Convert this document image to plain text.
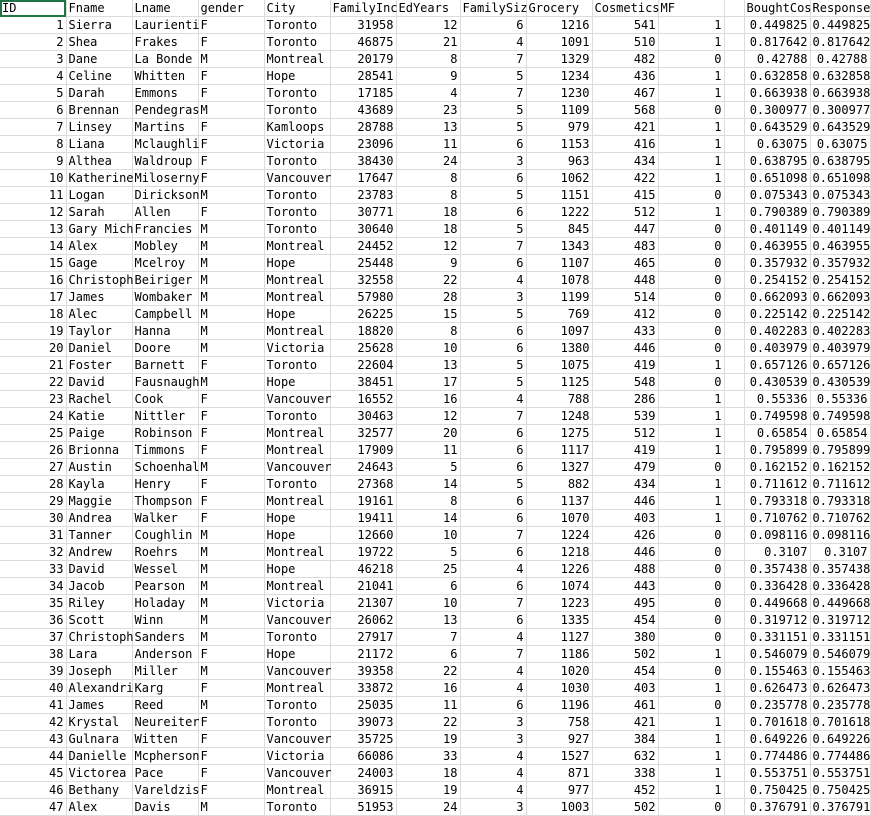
ID	Fname	Lname	gender	City	FamilyInc	EdYears	FamilySiz	Grocery	Cosmetics	MF		BoughtCos	Response
1	Sierra	Laurienti	F	Toronto	31958	12	6	1216	541	1		0.449825	0.449825
2	Shea	Frakes	F	Toronto	46875	21	4	1091	510	1		0.817642	0.817642
3	Dane	La Bonde	M	Montreal	20179	8	7	1329	482	0		0.42788	0.42788
4	Celine	Whitten	F	Hope	28541	9	5	1234	436	1		0.632858	0.632858
5	Darah	Emmons	F	Toronto	17185	4	7	1230	467	1		0.663938	0.663938
6	Brennan	Pendegras	M	Toronto	43689	23	5	1109	568	0		0.300977	0.300977
7	Linsey	Martins	F	Kamloops	28788	13	5	979	421	1		0.643529	0.643529
8	Liana	Mclaughli	F	Victoria	23096	11	6	1153	416	1		0.63075	0.63075
9	Althea	Waldroup	F	Toronto	38430	24	3	963	434	1		0.638795	0.638795
10	Katherine	Miloserny	F	Vancouver	17647	8	6	1062	422	1		0.651098	0.651098
11	Logan	Dirickson	M	Toronto	23783	8	5	1151	415	0		0.075343	0.075343
12	Sarah	Allen	F	Toronto	30771	18	6	1222	512	1		0.790389	0.790389
13	Gary Mich	Francies	M	Toronto	30640	18	5	845	447	0		0.401149	0.401149
14	Alex	Mobley	M	Montreal	24452	12	7	1343	483	0		0.463955	0.463955
15	Gage	Mcelroy	M	Hope	25448	9	6	1107	465	0		0.357932	0.357932
16	Christoph	Beiriger	M	Montreal	32558	22	4	1078	448	0		0.254152	0.254152
17	James	Wombaker	M	Montreal	57980	28	3	1199	514	0		0.662093	0.662093
18	Alec	Campbell	M	Hope	26225	15	5	769	412	0		0.225142	0.225142
19	Taylor	Hanna	M	Montreal	18820	8	6	1097	433	0		0.402283	0.402283
20	Daniel	Doore	M	Victoria	25628	10	6	1380	446	0		0.403979	0.403979
21	Foster	Barnett	F	Toronto	22604	13	5	1075	419	1		0.657126	0.657126
22	David	Fausnaugh	M	Hope	38451	17	5	1125	548	0		0.430539	0.430539
23	Rachel	Cook	F	Vancouver	16552	16	4	788	286	1		0.55336	0.55336
24	Katie	Nittler	F	Toronto	30463	12	7	1248	539	1		0.749598	0.749598
25	Paige	Robinson	F	Montreal	32577	20	6	1275	512	1		0.65854	0.65854
26	Brionna	Timmons	F	Montreal	17909	11	6	1117	419	1		0.795899	0.795899
27	Austin	Schoenhal	M	Vancouver	24643	5	6	1327	479	0		0.162152	0.162152
28	Kayla	Henry	F	Toronto	27368	14	5	882	434	1		0.711612	0.711612
29	Maggie	Thompson	F	Montreal	19161	8	6	1137	446	1		0.793318	0.793318
30	Andrea	Walker	F	Hope	19411	14	6	1070	403	1		0.710762	0.710762
31	Tanner	Coughlin	M	Hope	12660	10	7	1224	426	0		0.098116	0.098116
32	Andrew	Roehrs	M	Montreal	19722	5	6	1218	446	0		0.3107	0.3107
33	David	Wessel	M	Hope	46218	25	4	1226	488	0		0.357438	0.357438
34	Jacob	Pearson	M	Montreal	21041	6	6	1074	443	0		0.336428	0.336428
35	Riley	Holaday	M	Victoria	21307	10	7	1223	495	0		0.449668	0.449668
36	Scott	Winn	M	Vancouver	26062	13	6	1335	454	0		0.319712	0.319712
37	Christoph	Sanders	M	Toronto	27917	7	4	1127	380	0		0.331151	0.331151
38	Lara	Anderson	F	Hope	21172	6	7	1186	502	1		0.546079	0.546079
39	Joseph	Miller	M	Vancouver	39358	22	4	1020	454	0		0.155463	0.155463
40	Alexandri	Karg	F	Montreal	33872	16	4	1030	403	1		0.626473	0.626473
41	James	Reed	M	Toronto	25035	11	6	1196	461	0		0.235778	0.235778
42	Krystal	Neureiter	F	Toronto	39073	22	3	758	421	1		0.701618	0.701618
43	Gulnara	Witten	F	Vancouver	35725	19	3	927	384	1		0.649226	0.649226
44	Danielle	Mcpherson	F	Victoria	66086	33	4	1527	632	1		0.774486	0.774486
45	Victorea	Pace	F	Vancouver	24003	18	4	871	338	1		0.553751	0.553751
46	Bethany	Vareldzis	F	Montreal	36915	19	4	977	452	1		0.750425	0.750425
47	Alex	Davis	M	Toronto	51953	24	3	1003	502	0		0.376791	0.376791
